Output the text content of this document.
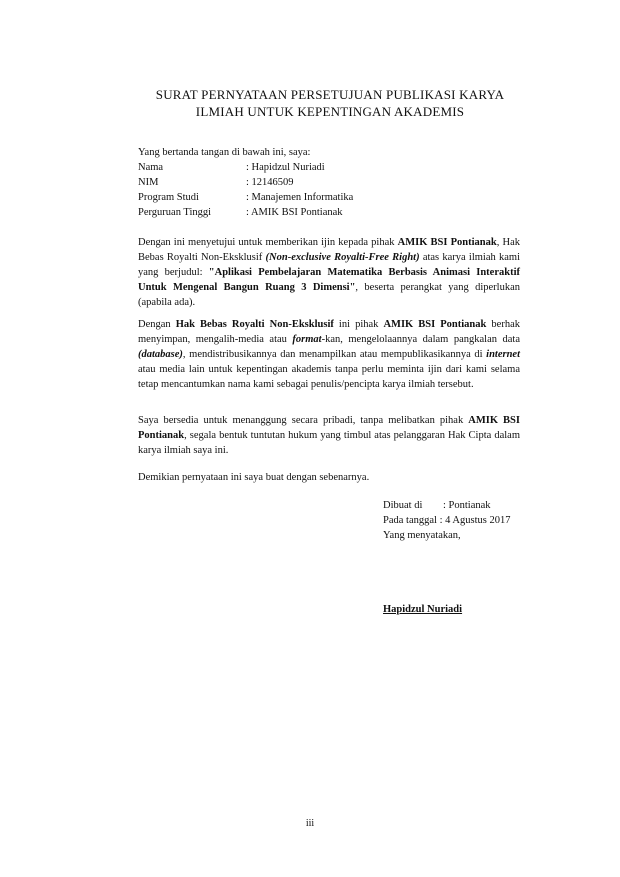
SURAT PERNYATAAN PERSETUJUAN PUBLIKASI KARYA
ILMIAH UNTUK KEPENTINGAN AKADEMIS
Yang bertanda tangan di bawah ini, saya:
Nama	: Hapidzul Nuriadi
NIM	: 12146509
Program Studi	: Manajemen Informatika
Perguruan Tinggi	: AMIK BSI Pontianak
Dengan ini menyetujui untuk memberikan ijin kepada pihak AMIK BSI Pontianak, Hak Bebas Royalti Non-Eksklusif (Non-exclusive Royalti-Free Right) atas karya ilmiah kami yang berjudul: "Aplikasi Pembelajaran Matematika Berbasis Animasi Interaktif Untuk Mengenal Bangun Ruang 3 Dimensi", beserta perangkat yang diperlukan (apabila ada).
Dengan Hak Bebas Royalti Non-Eksklusif ini pihak AMIK BSI Pontianak berhak menyimpan, mengalih-media atau format-kan, mengelolaannya dalam pangkalan data (database), mendistribusikannya dan menampilkan atau mempublikasikannya di internet atau media lain untuk kepentingan akademis tanpa perlu meminta ijin dari kami selama tetap mencantumkan nama kami sebagai penulis/pencipta karya ilmiah tersebut.
Saya bersedia untuk menanggung secara pribadi, tanpa melibatkan pihak AMIK BSI Pontianak, segala bentuk tuntutan hukum yang timbul atas pelanggaran Hak Cipta dalam karya ilmiah saya ini.
Demikian pernyataan ini saya buat dengan sebenarnya.
Dibuat di : Pontianak
Pada tanggal : 4 Agustus 2017
Yang menyatakan,
Hapidzul Nuriadi
iii
